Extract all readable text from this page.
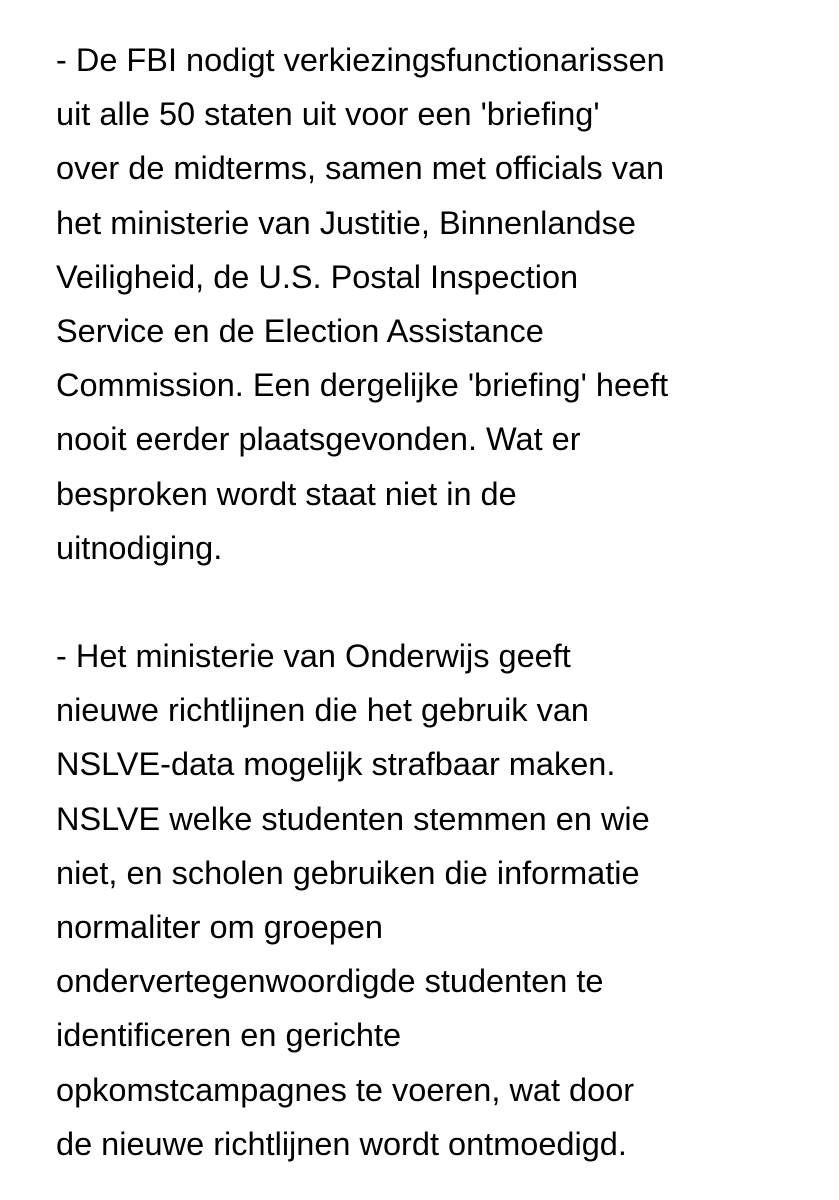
- De FBI nodigt verkiezingsfunctionarissen
uit alle 50 staten uit voor een 'briefing'
over de midterms, samen met officials van
het ministerie van Justitie, Binnenlandse
Veiligheid, de U.S. Postal Inspection
Service en de Election Assistance
Commission. Een dergelijke 'briefing' heeft
nooit eerder plaatsgevonden. Wat er
besproken wordt staat niet in de
uitnodiging.

- Het ministerie van Onderwijs geeft
nieuwe richtlijnen die het gebruik van
NSLVE-data mogelijk strafbaar maken.
NSLVE welke studenten stemmen en wie
niet, en scholen gebruiken die informatie
normaliter om groepen
ondervertegenwoordigde studenten te
identificeren en gerichte
opkomstcampagnes te voeren, wat door
de nieuwe richtlijnen wordt ontmoedigd.
